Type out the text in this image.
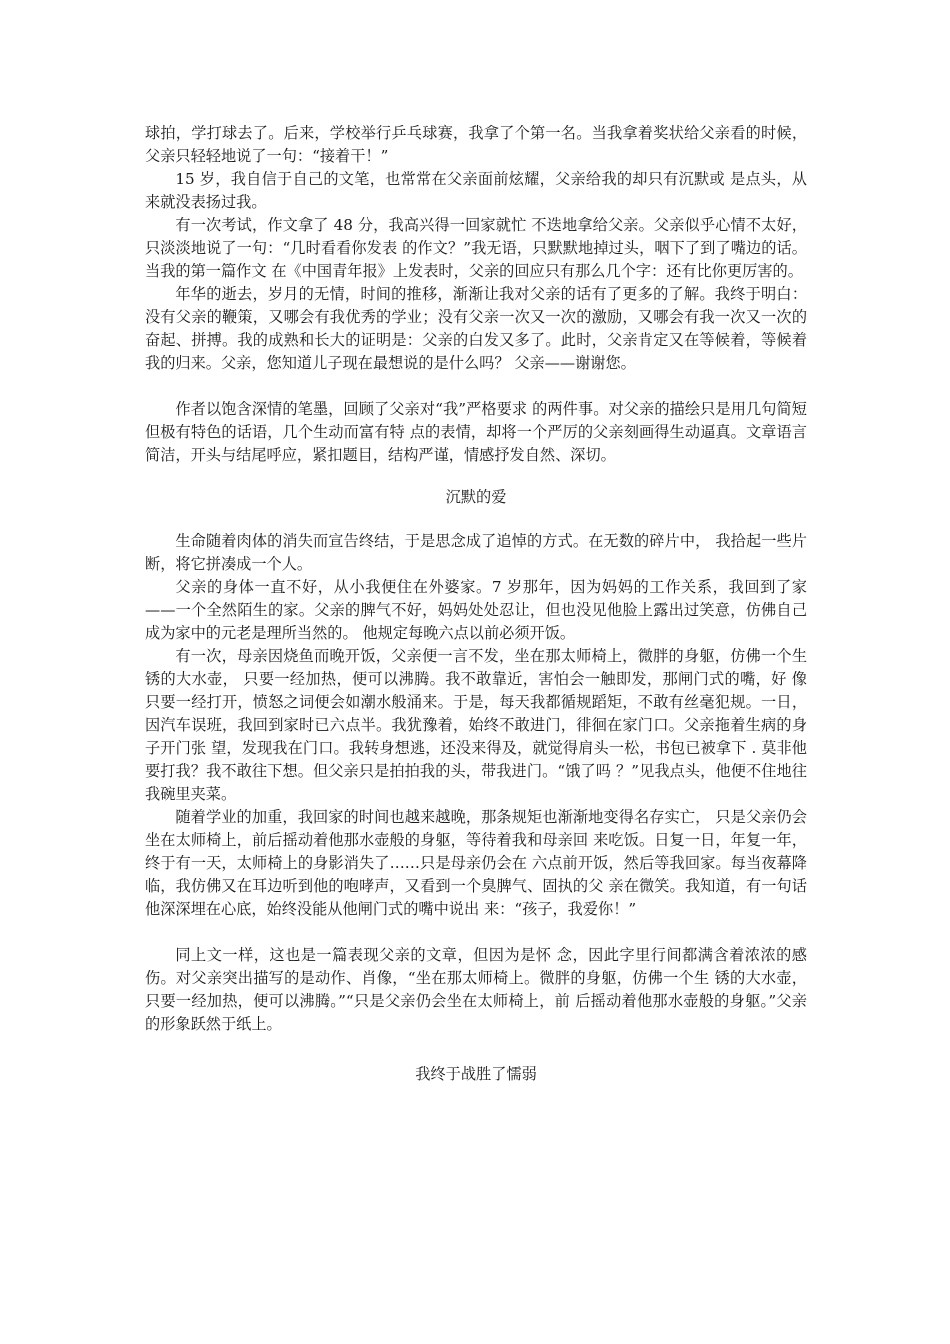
球拍，学打球去了。后来，学校举行乒乓球赛，我拿了个第一名。当我拿着奖状给父亲看的时候，父亲只轻轻地说了一句：“接着干！”

15 岁，我自信于自己的文笔，也常常在父亲面前炫耀，父亲给我的却只有沉默或 是点头，从来就没表扬过我。

有一次考试，作文拿了 48 分，我高兴得一回家就忙 不迭地拿给父亲。父亲似乎心情不太好，只淡淡地说了一句：“几时看看你发表 的作文？”我无语，只默默地掉过头，咽下了到了嘴边的话。当我的第一篇作文 在《中国青年报》上发表时，父亲的回应只有那么几个字：还有比你更厉害的。

年华的逝去，岁月的无情，时间的推移，渐渐让我对父亲的话有了更多的了解。我终于明白：没有父亲的鞭策，又哪会有我优秀的学业；没有父亲一次又一次的激励，又哪会有我一次又一次的奋起、拼搏。我的成熟和长大的证明是：父亲的白发又多了。此时，父亲肯定又在等候着，等候着我的归来。父亲，您知道儿子现在最想说的是什么吗？ 父亲——谢谢您。

作者以饱含深情的笔墨，回顾了父亲对“我”严格要求 的两件事。对父亲的描绘只是用几句简短但极有特色的话语，几个生动而富有特 点的表情，却将一个严厉的父亲刻画得生动逼真。文章语言简洁，开头与结尾呼应，紧扣题目，结构严谨，情感抒发自然、深切。

沉默的爱

生命随着肉体的消失而宣告终结，于是思念成了追悼的方式。在无数的碎片中， 我拾起一些片断，将它拼凑成一个人。

父亲的身体一直不好，从小我便住在外婆家。7 岁那年，因为妈妈的工作关系，我回到了家——一个全然陌生的家。父亲的脾气不好，妈妈处处忍让，但也没见他脸上露出过笑意，仿佛自己成为家中的元老是理所当然的。 他规定每晚六点以前必须开饭。

有一次，母亲因烧鱼而晚开饭，父亲便一言不发，坐在那太师椅上，微胖的身躯，仿佛一个生锈的大水壶， 只要一经加热，便可以沸腾。我不敢靠近，害怕会一触即发，那闸门式的嘴，好 像只要一经打开，愤怒之词便会如潮水般涌来。于是，每天我都循规蹈矩，不敢有丝毫犯规。一日，因汽车误班，我回到家时已六点半。我犹豫着，始终不敢进门，徘徊在家门口。父亲拖着生病的身子开门张 望，发现我在门口。我转身想逃，还没来得及，就觉得肩头一松，书包已被拿下 . 莫非他要打我？我不敢往下想。但父亲只是拍拍我的头，带我进门。“饿了吗 ？”见我点头，他便不住地往我碗里夹菜。

随着学业的加重，我回家的时间也越来越晚，那条规矩也渐渐地变得名存实亡， 只是父亲仍会坐在太师椅上，前后摇动着他那水壶般的身躯，等待着我和母亲回 来吃饭。日复一日，年复一年，终于有一天，太师椅上的身影消失了……只是母亲仍会在 六点前开饭，然后等我回家。每当夜幕降临，我仿佛又在耳边听到他的咆哮声，又看到一个臭脾气、固执的父 亲在微笑。我知道，有一句话他深深埋在心底，始终没能从他闸门式的嘴中说出 来：“孩子，我爱你！”

同上文一样，这也是一篇表现父亲的文章，但因为是怀 念，因此字里行间都满含着浓浓的感伤。对父亲突出描写的是动作、肖像，“坐在那太师椅上。微胖的身躯，仿佛一个生 锈的大水壶，只要一经加热，便可以沸腾。”“只是父亲仍会坐在太师椅上，前 后摇动着他那水壶般的身躯。”父亲的形象跃然于纸上。

我终于战胜了懦弱
